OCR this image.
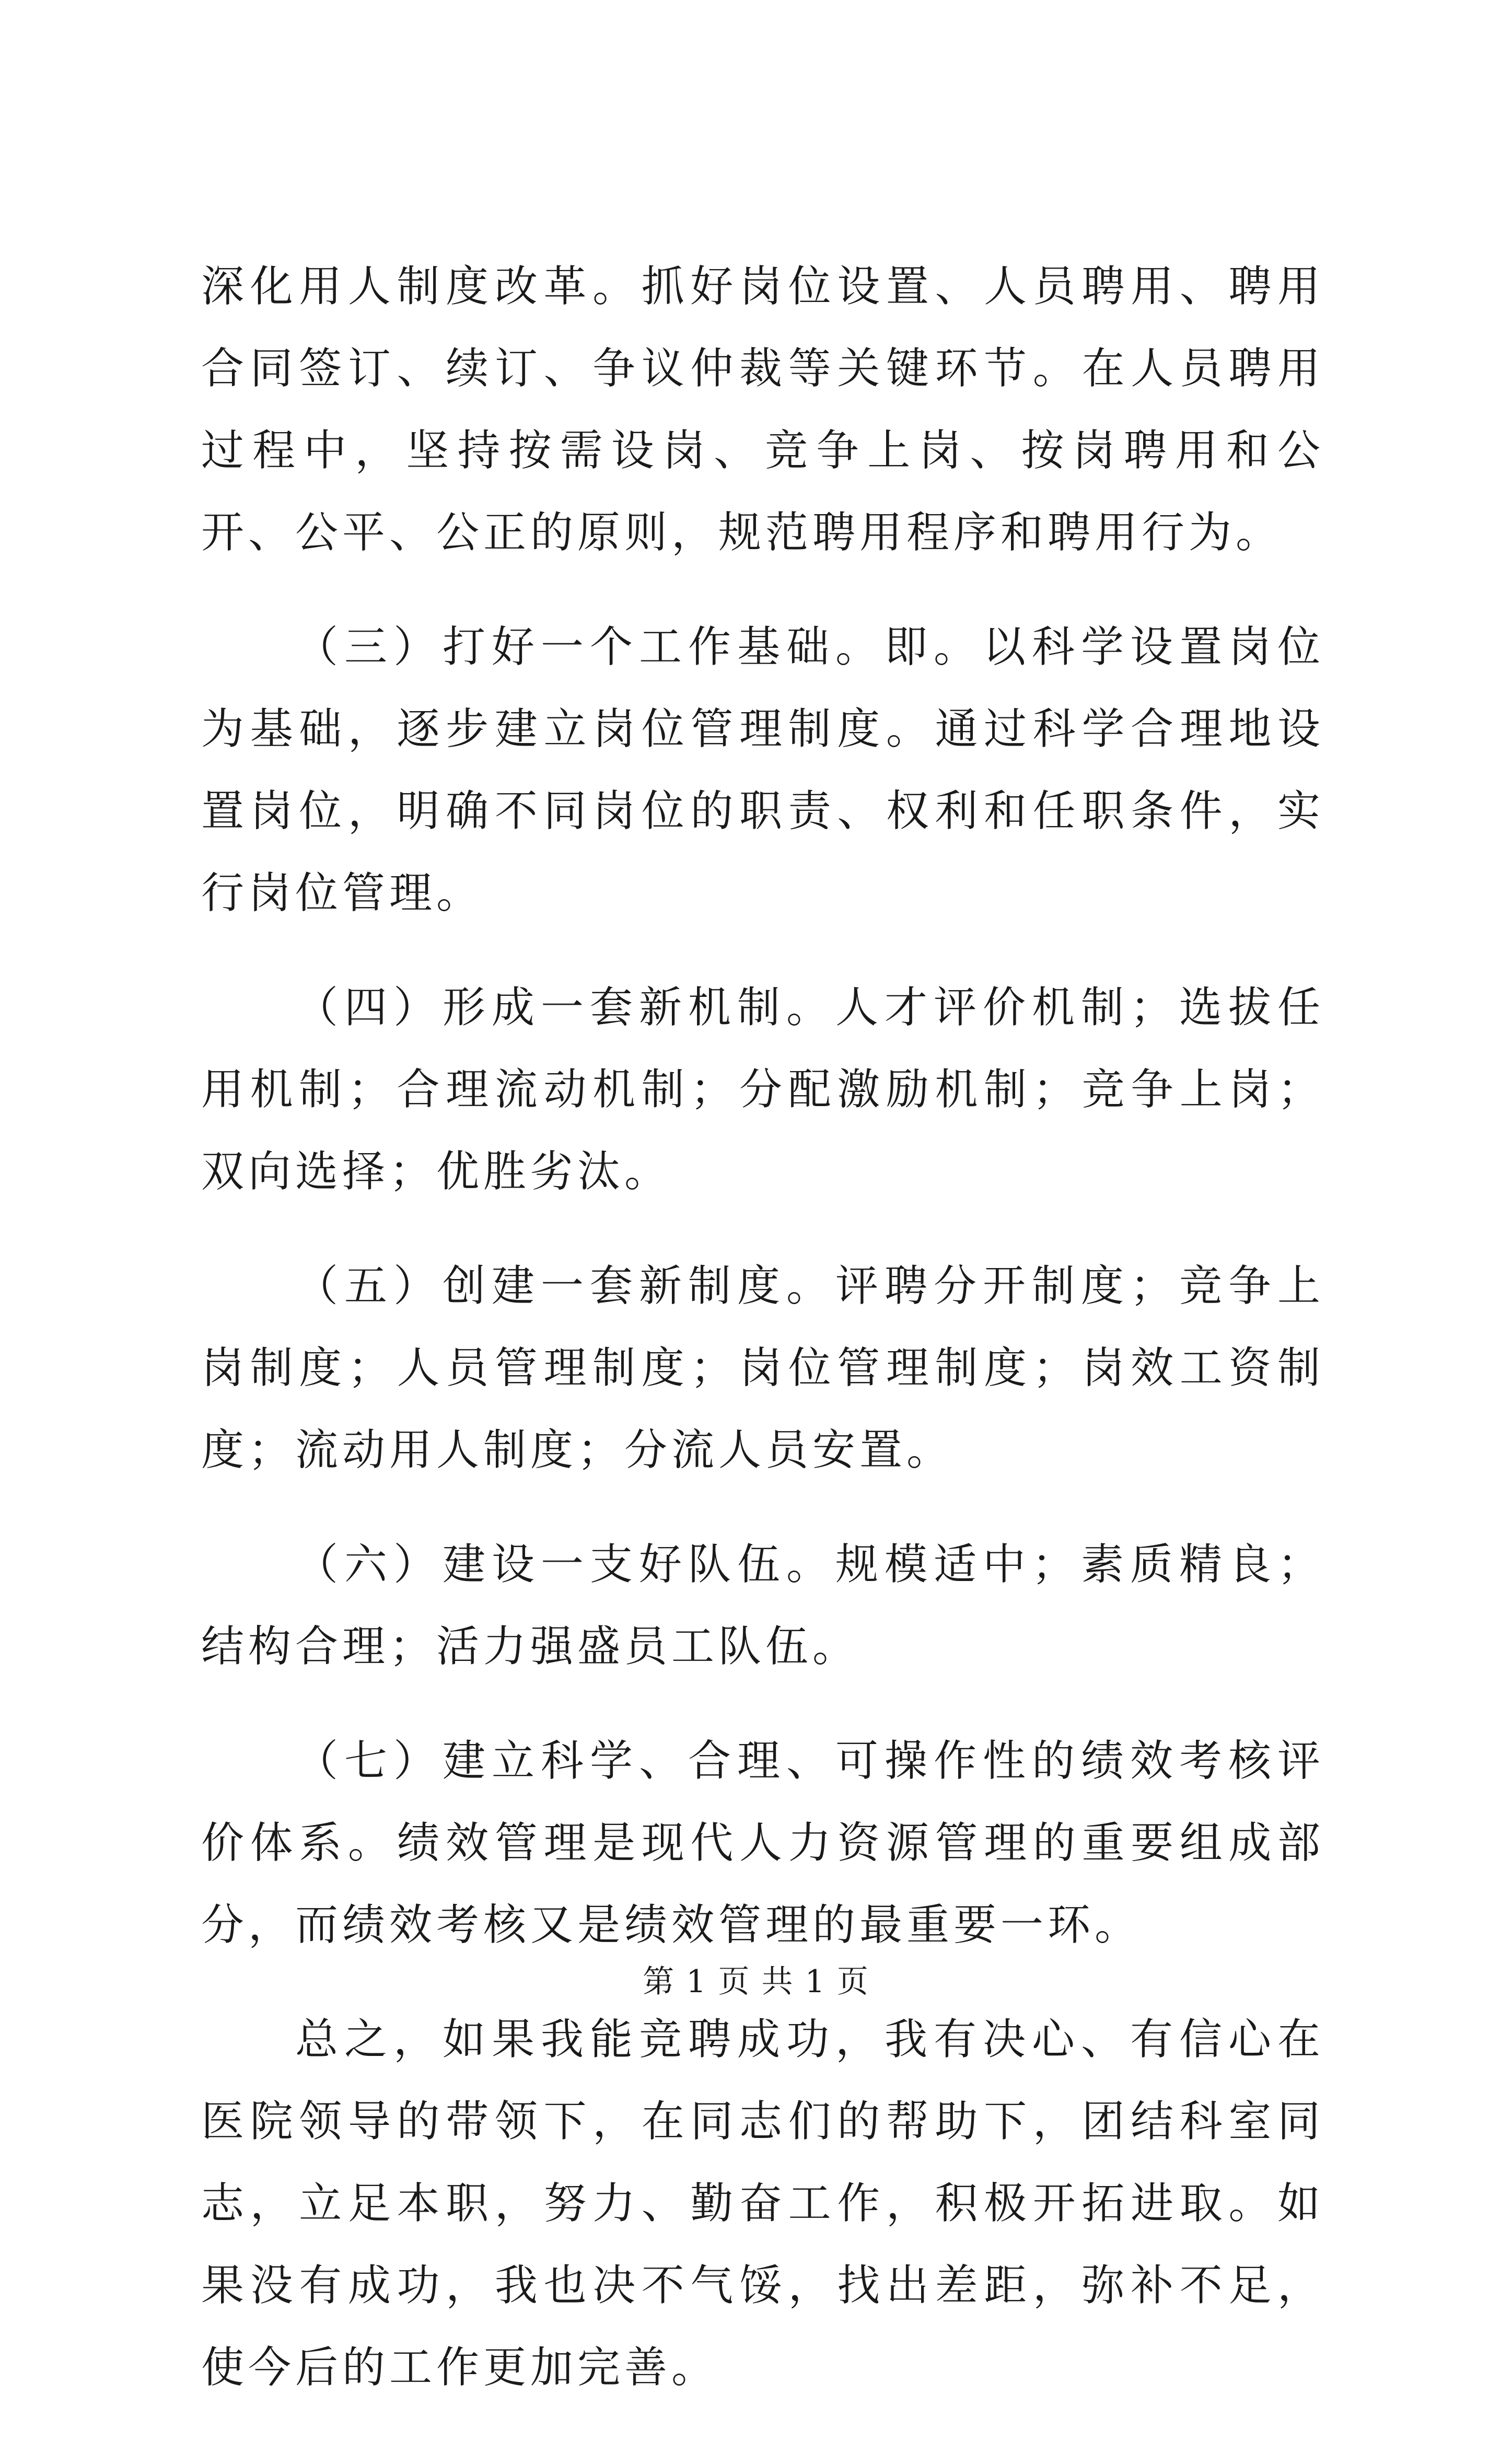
深化用人制度改革。抓好岗位设置、人员聘用、聘用合同签订、续订、争议仲裁等关键环节。在人员聘用过程中，坚持按需设岗、竞争上岗、按岗聘用和公开、公平、公正的原则，规范聘用程序和聘用行为。

（三）打好一个工作基础。即。以科学设置岗位为基础，逐步建立岗位管理制度。通过科学合理地设置岗位，明确不同岗位的职责、权利和任职条件，实行岗位管理。

（四）形成一套新机制。人才评价机制；选拔任用机制；合理流动机制；分配激励机制；竞争上岗；双向选择；优胜劣汰。

（五）创建一套新制度。评聘分开制度；竞争上岗制度；人员管理制度；岗位管理制度；岗效工资制度；流动用人制度；分流人员安置。

（六）建设一支好队伍。规模适中；素质精良；结构合理；活力强盛员工队伍。

（七）建立科学、合理、可操作性的绩效考核评价体系。绩效管理是现代人力资源管理的重要组成部分，而绩效考核又是绩效管理的最重要一环。

总之，如果我能竞聘成功，我有决心、有信心在医院领导的带领下，在同志们的帮助下，团结科室同志，立足本职，努力、勤奋工作，积极开拓进取。如果没有成功，我也决不气馁，找出差距，弥补不足，使今后的工作更加完善。

第 1 页 共 1 页
